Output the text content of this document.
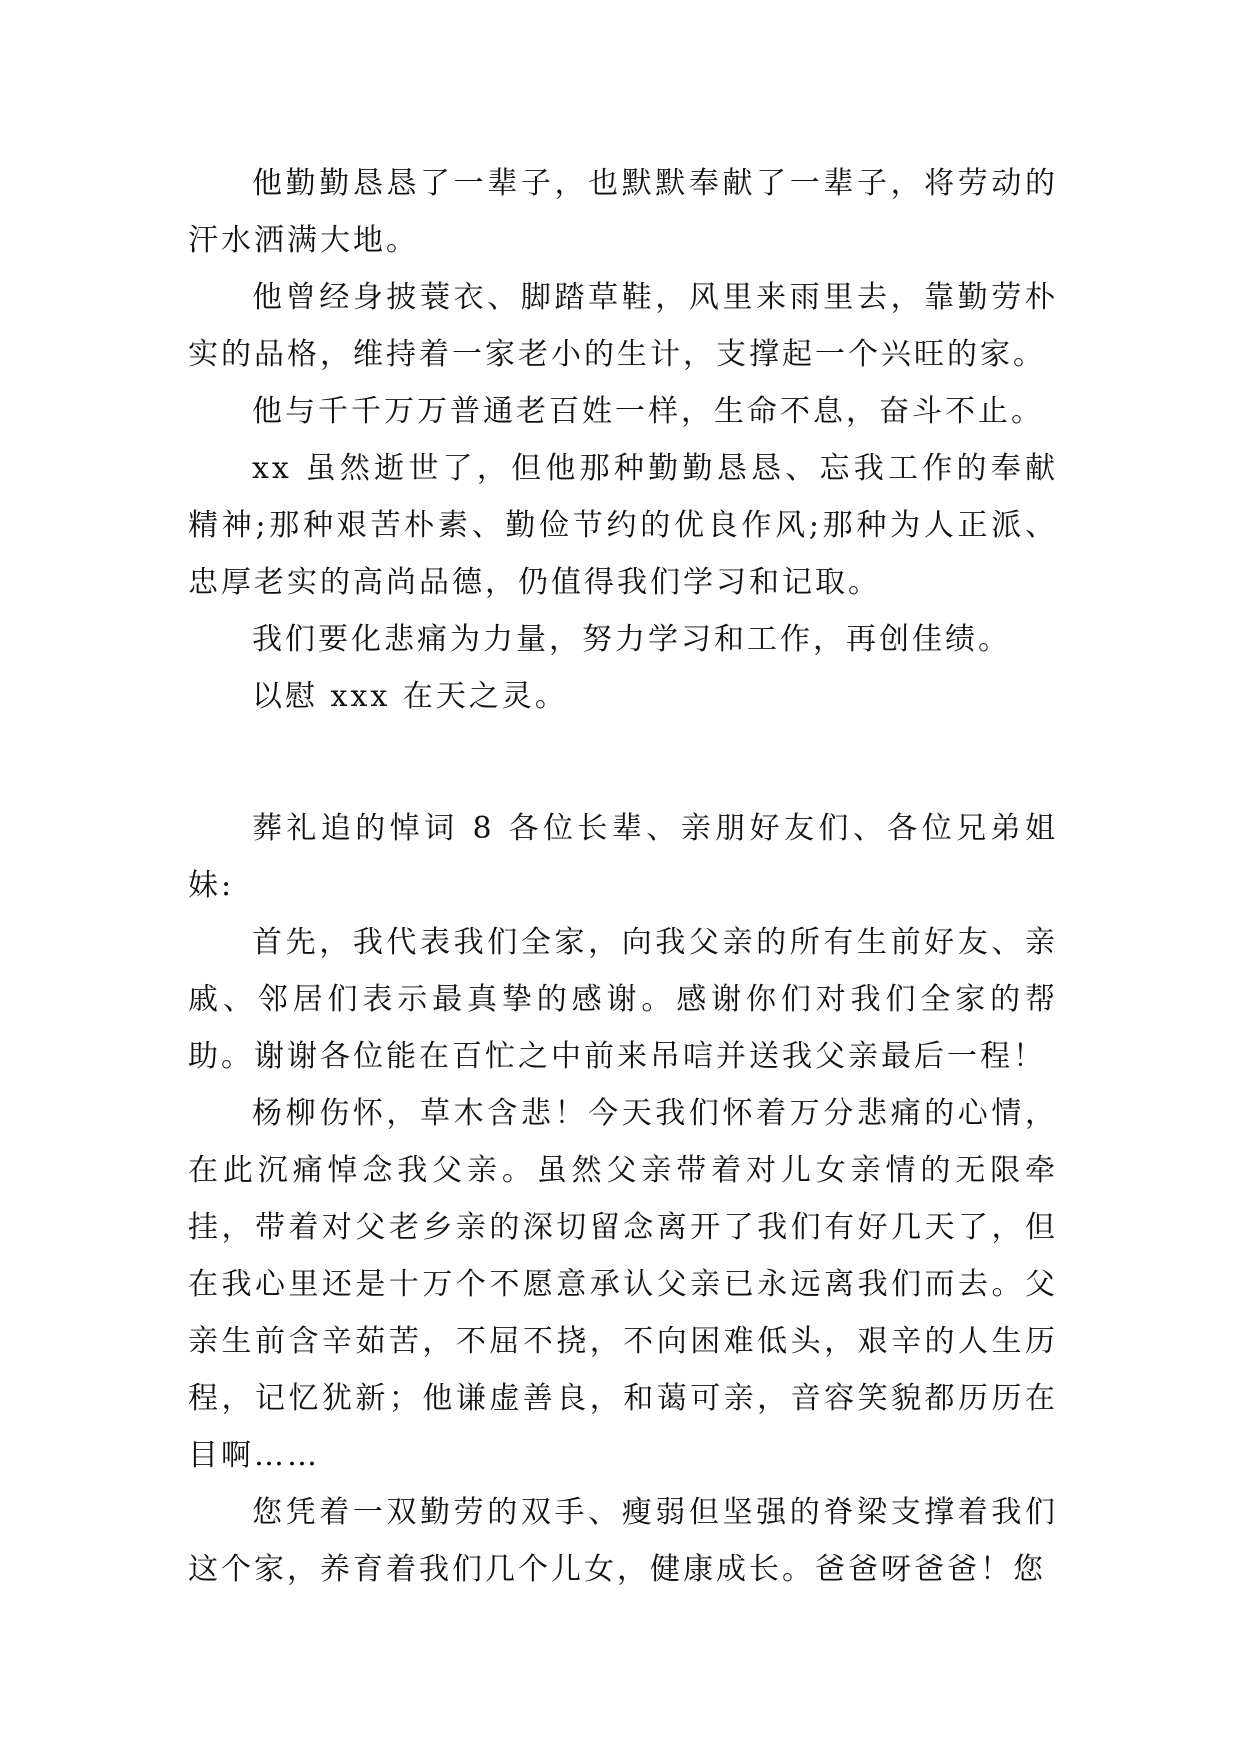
他勤勤恳恳了一辈子，也默默奉献了一辈子，将劳动的汗水洒满大地。

他曾经身披蓑衣、脚踏草鞋，风里来雨里去，靠勤劳朴实的品格，维持着一家老小的生计，支撑起一个兴旺的家。

他与千千万万普通老百姓一样，生命不息，奋斗不止。

xx 虽然逝世了，但他那种勤勤恳恳、忘我工作的奉献精神;那种艰苦朴素、勤俭节约的优良作风;那种为人正派、忠厚老实的高尚品德，仍值得我们学习和记取。

我们要化悲痛为力量，努力学习和工作，再创佳绩。

以慰 xxx 在天之灵。

葬礼追的悼词 8 各位长辈、亲朋好友们、各位兄弟姐妹:

首先，我代表我们全家，向我父亲的所有生前好友、亲戚、邻居们表示最真挚的感谢。感谢你们对我们全家的帮助。谢谢各位能在百忙之中前来吊唁并送我父亲最后一程！

杨柳伤怀，草木含悲！今天我们怀着万分悲痛的心情，在此沉痛悼念我父亲。虽然父亲带着对儿女亲情的无限牵挂，带着对父老乡亲的深切留念离开了我们有好几天了，但在我心里还是十万个不愿意承认父亲已永远离我们而去。父亲生前含辛茹苦，不屈不挠，不向困难低头，艰辛的人生历程，记忆犹新；他谦虚善良，和蔼可亲，音容笑貌都历历在目啊……

您凭着一双勤劳的双手、瘦弱但坚强的脊梁支撑着我们这个家，养育着我们几个儿女，健康成长。爸爸呀爸爸！您
